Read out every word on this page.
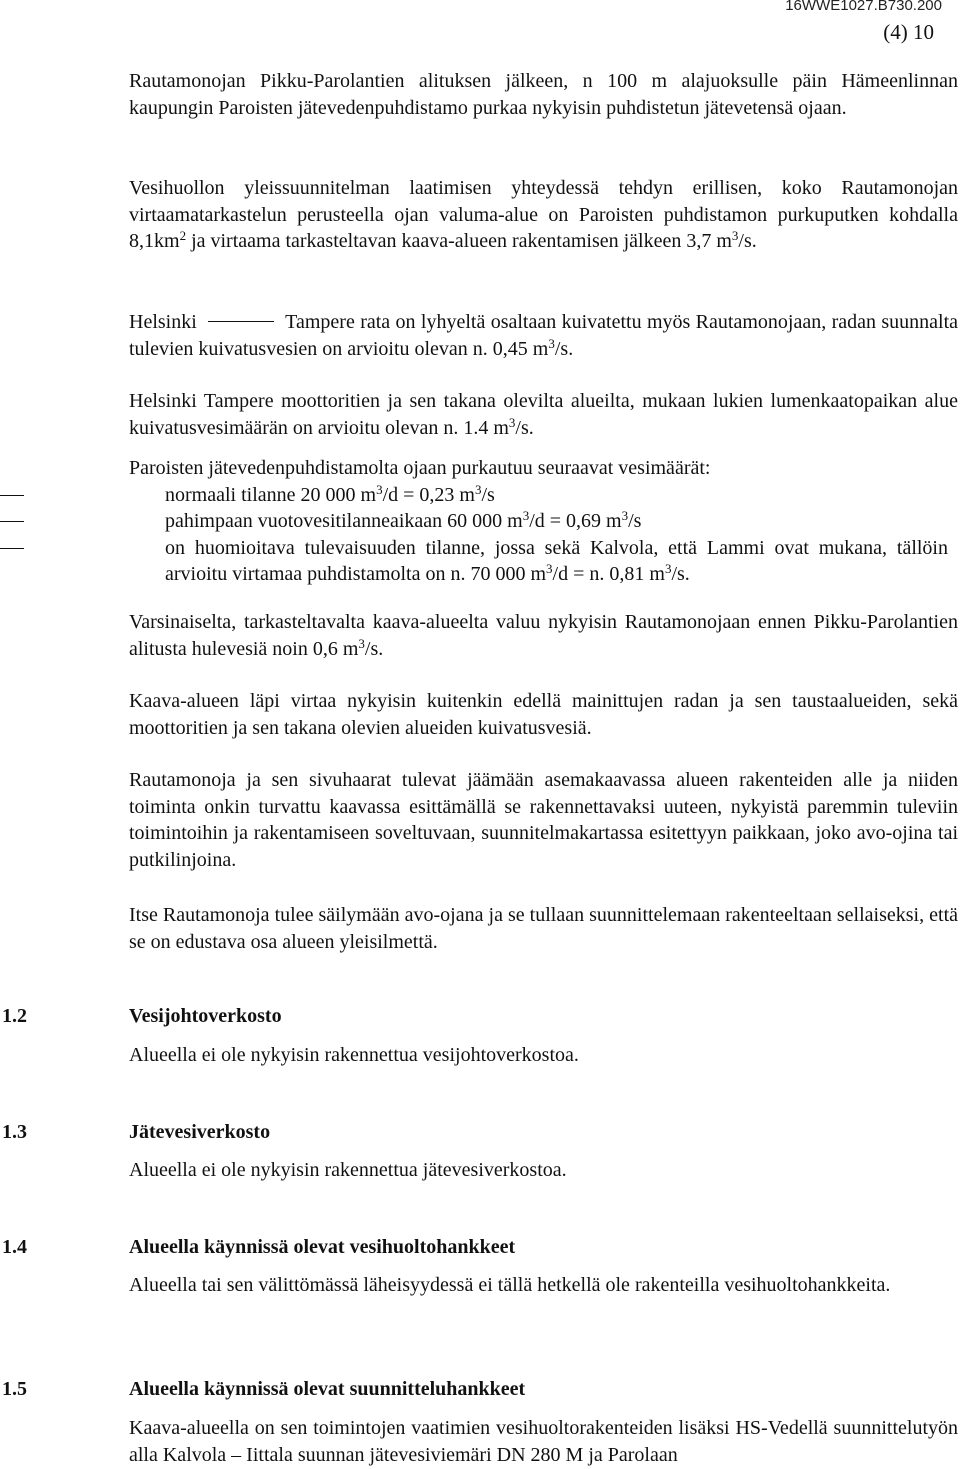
16WWE1027.B730.200
(4) 10

Rautamonojan Pikku-Parolantien alituksen jälkeen, n 100 m alajuoksulle päin Hämeenlinnan kaupungin Paroisten jätevedenpuhdistamo purkaa nykyisin puhdistetun jätevetensä ojaan.

Vesihuollon yleissuunnitelman laatimisen yhteydessä tehdyn erillisen, koko Rautamonojan virtaamatarkastelun perusteella ojan valuma-alue on Paroisten puhdistamon purkuputken kohdalla $8,1km^2$ ja virtaama tarkasteltavan kaava-alueen rakentamisen jälkeen 3,7 $m^3/s$.

Helsinki	Tampere rata on lyhyeltä osaltaan kuivatettu myös Rautamonojaan, radan suunnalta tulevien kuivatusvesien on arvioitu olevan n. 0,45 $m^3/s$.

Helsinki Tampere moottoritien ja sen takana olevilta alueilta, mukaan lukien lumenkaatopaikan alue kuivatusvesimäärän on arvioitu olevan n. 1.4 $m^3/s$.

Paroisten jätevedenpuhdistamolta ojaan purkautuu seuraavat vesimäärät:

normaali tilanne 20 000 $m^3/d = 0,23$ $m^3/s$

pahimpaan vuotovesitilanneaikaan 60 000 $m^3/d = 0,69$ $m^3/s$

on huomioitava tulevaisuuden tilanne, jossa sekä Kalvola, että Lammi ovat mukana, tällöin arvioitu virtamaa puhdistamolta on n. 70 000 $m^3/d = n$. 0,81 $m^3/s$.

Varsinaiselta, tarkasteltavalta kaava-alueelta valuu nykyisin Rautamonojaan ennen Pikku-Parolantien alitusta hulevesiä noin 0,6 $m^3/s$.

Kaava-alueen läpi virtaa nykyisin kuitenkin edellä mainittujen radan ja sen taustaalueiden, sekä moottoritien ja sen takana olevien alueiden kuivatusvesiä.

Rautamonoja ja sen sivuhaarat tulevat jäämään asemakaavassa alueen rakenteiden alle ja niiden toiminta onkin turvattu kaavassa esittämällä se rakennettavaksi uuteen, nykyistä paremmin tuleviin toimintoihin ja rakentamiseen soveltuvaan, suunnitelmakartassa esitettyyn paikkaan, joko avo-ojina tai putkilinjoina.

Itse Rautamonoja tulee säilymään avo-ojana ja se tullaan suunnittelemaan rakenteeltaan sellaiseksi, että se on edustava osa alueen yleisilmettä.

1.2	Vesijohtoverkosto

Alueella ei ole nykyisin rakennettua vesijohtoverkostoa.

1.3	Jätevesiverkosto

Alueella ei ole nykyisin rakennettua jätevesiverkostoa.

1.4	Alueella käynnissä olevat vesihuoltohankkeet

Alueella tai sen välittömässä läheisyydessä ei tällä hetkellä ole rakenteilla vesihuoltohankkeita.

1.5	Alueella käynnissä olevat suunnitteluhankkeet

Kaava-alueella on sen toimintojen vaatimien vesihuoltorakenteiden lisäksi HS-Vedellä suunnittelutyön alla Kalvola – Iittala suunnan jätevesiviemäri DN 280 M ja Parolaan
